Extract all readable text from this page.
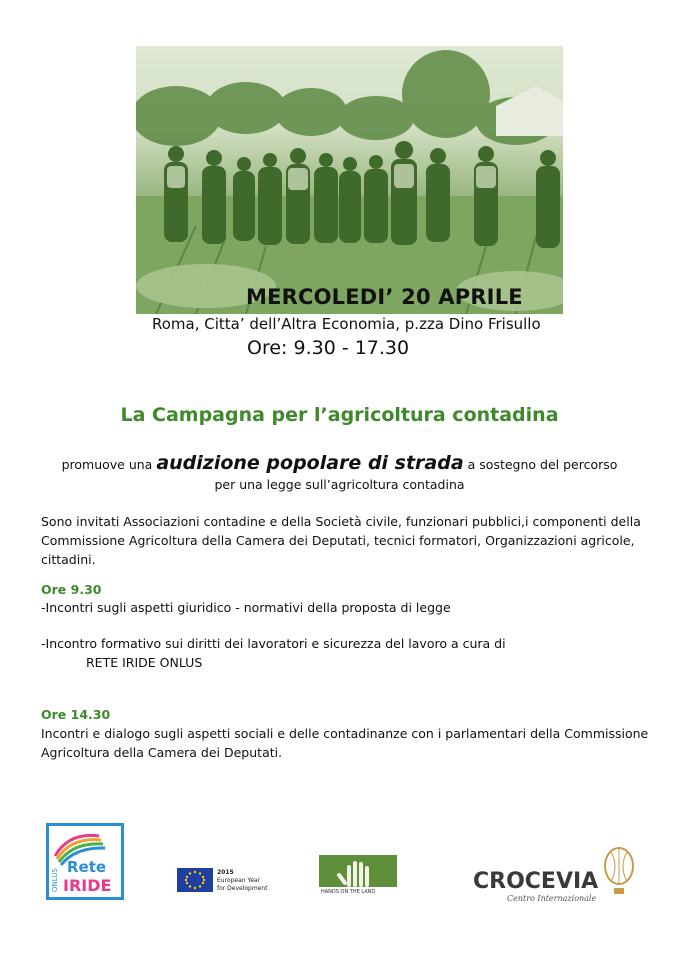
MERCOLEDI’ 20 APRILE
Roma, Citta’ dell’Altra Economia, p.zza Dino Frisullo
Ore: 9.30 - 17.30
La Campagna per l’agricoltura contadina
promuove una audizione popolare di strada a sostegno del percorso
per una legge sull’agricoltura contadina
Sono invitati Associazioni contadine e della Società civile, funzionari pubblici,i componenti della Commissione Agricoltura della Camera dei Deputati, tecnici formatori, Organizzazioni agricole, cittadini.
Ore 9.30
-Incontri sugli aspetti giuridico - normativi della proposta di legge
-Incontro formativo sui diritti dei lavoratori e sicurezza del lavoro a cura di
RETE IRIDE ONLUS
Ore 14.30
Incontri e dialogo sugli aspetti sociali e delle contadinanze con i parlamentari della Commissione Agricoltura della Camera dei Deputati.
ONLUS
Rete
IRIDE
2015
European Year
for Development	HANDS ON THE LAND	CROCEVIA
Centro Internazionale
